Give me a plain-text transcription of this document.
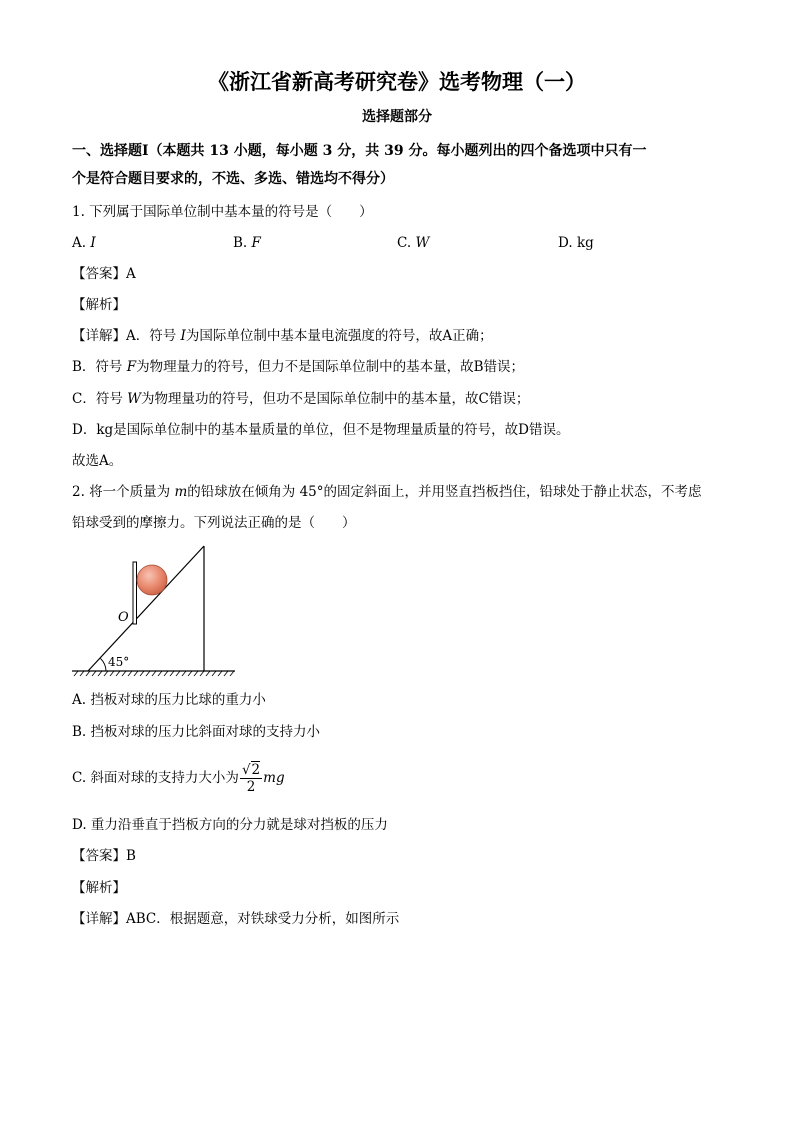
《浙江省新高考研究卷》选考物理（一）
选择题部分
一、选择题Ⅰ（本题共 13 小题，每小题 3 分，共 39 分。每小题列出的四个备选项中只有一
个是符合题目要求的，不选、多选、错选均不得分）
1. 下列属于国际单位制中基本量的符号是（　　）
A. I	B. F	C. W	D. kg
【答案】A
【解析】
【详解】A．符号 I为国际单位制中基本量电流强度的符号，故A正确；
B．符号 F为物理量力的符号，但力不是国际单位制中的基本量，故B错误；
C．符号 W为物理量功的符号，但功不是国际单位制中的基本量，故C错误；
D．kg是国际单位制中的基本量质量的单位，但不是物理量质量的符号，故D错误。
故选A。
2. 将一个质量为 m的铅球放在倾角为 45°的固定斜面上，并用竖直挡板挡住，铅球处于静止状态，不考虑
铅球受到的摩擦力。下列说法正确的是（　　）
O
45°
A. 挡板对球的压力比球的重力小
B. 挡板对球的压力比斜面对球的支持力小
C. 斜面对球的支持力大小为 $\frac{√2}{2}$ mg
D. 重力沿垂直于挡板方向的分力就是球对挡板的压力
【答案】B
【解析】
【详解】ABC．根据题意，对铁球受力分析，如图所示
